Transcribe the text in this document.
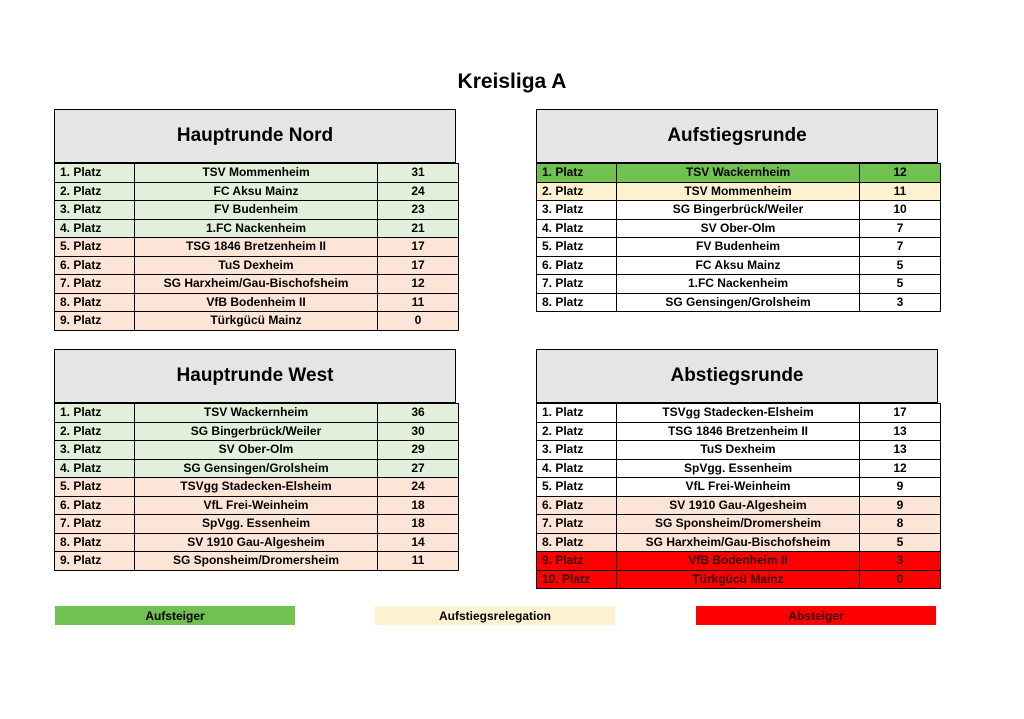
Kreisliga A
Hauptrunde Nord
1. Platz	TSV Mommenheim	31
2. Platz	FC Aksu Mainz	24
3. Platz	FV Budenheim	23
4. Platz	1.FC Nackenheim	21
5. Platz	TSG 1846 Bretzenheim II	17
6. Platz	TuS Dexheim	17
7. Platz	SG Harxheim/Gau-Bischofsheim	12
8. Platz	VfB Bodenheim II	11
9. Platz	Türkgücü Mainz	0
Aufstiegsrunde
1. Platz	TSV Wackernheim	12
2. Platz	TSV Mommenheim	11
3. Platz	SG Bingerbrück/Weiler	10
4. Platz	SV Ober-Olm	7
5. Platz	FV Budenheim	7
6. Platz	FC Aksu Mainz	5
7. Platz	1.FC Nackenheim	5
8. Platz	SG Gensingen/Grolsheim	3
Hauptrunde West
1. Platz	TSV Wackernheim	36
2. Platz	SG Bingerbrück/Weiler	30
3. Platz	SV Ober-Olm	29
4. Platz	SG Gensingen/Grolsheim	27
5. Platz	TSVgg Stadecken-Elsheim	24
6. Platz	VfL Frei-Weinheim	18
7. Platz	SpVgg. Essenheim	18
8. Platz	SV 1910 Gau-Algesheim	14
9. Platz	SG Sponsheim/Dromersheim	11
Abstiegsrunde
1. Platz	TSVgg Stadecken-Elsheim	17
2. Platz	TSG 1846 Bretzenheim II	13
3. Platz	TuS Dexheim	13
4. Platz	SpVgg. Essenheim	12
5. Platz	VfL Frei-Weinheim	9
6. Platz	SV 1910 Gau-Algesheim	9
7. Platz	SG Sponsheim/Dromersheim	8
8. Platz	SG Harxheim/Gau-Bischofsheim	5
9. Platz	VfB Bodenheim II	3
10. Platz	Türkgücü Mainz	0
Aufsteiger	Aufstiegsrelegation	Absteiger
